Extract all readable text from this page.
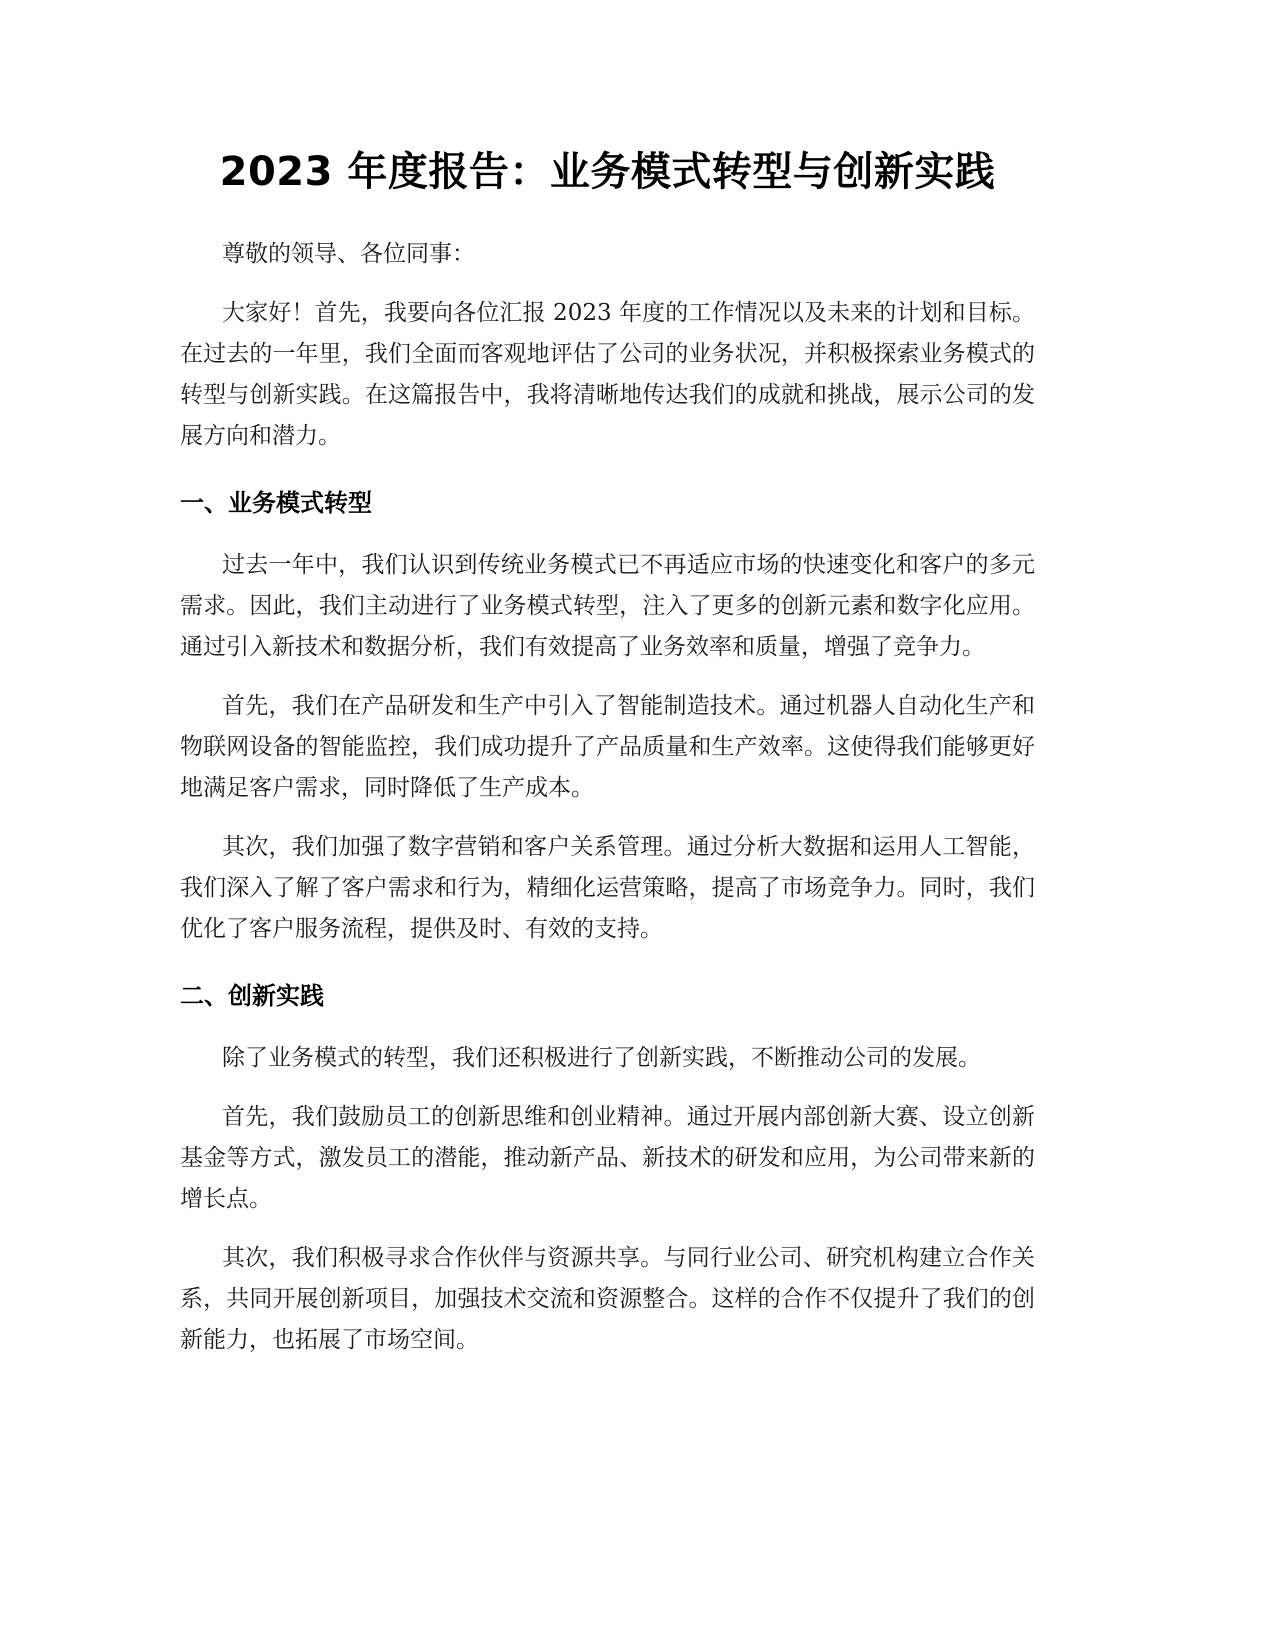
2023 年度报告：业务模式转型与创新实践

尊敬的领导、各位同事：

大家好！首先，我要向各位汇报 2023 年度的工作情况以及未来的计划和目标。在过去的一年里，我们全面而客观地评估了公司的业务状况，并积极探索业务模式的转型与创新实践。在这篇报告中，我将清晰地传达我们的成就和挑战，展示公司的发展方向和潜力。

一、业务模式转型

过去一年中，我们认识到传统业务模式已不再适应市场的快速变化和客户的多元需求。因此，我们主动进行了业务模式转型，注入了更多的创新元素和数字化应用。通过引入新技术和数据分析，我们有效提高了业务效率和质量，增强了竞争力。

首先，我们在产品研发和生产中引入了智能制造技术。通过机器人自动化生产和物联网设备的智能监控，我们成功提升了产品质量和生产效率。这使得我们能够更好地满足客户需求，同时降低了生产成本。

其次，我们加强了数字营销和客户关系管理。通过分析大数据和运用人工智能，我们深入了解了客户需求和行为，精细化运营策略，提高了市场竞争力。同时，我们优化了客户服务流程，提供及时、有效的支持。

二、创新实践

除了业务模式的转型，我们还积极进行了创新实践，不断推动公司的发展。

首先，我们鼓励员工的创新思维和创业精神。通过开展内部创新大赛、设立创新基金等方式，激发员工的潜能，推动新产品、新技术的研发和应用，为公司带来新的增长点。

其次，我们积极寻求合作伙伴与资源共享。与同行业公司、研究机构建立合作关系，共同开展创新项目，加强技术交流和资源整合。这样的合作不仅提升了我们的创新能力，也拓展了市场空间。
